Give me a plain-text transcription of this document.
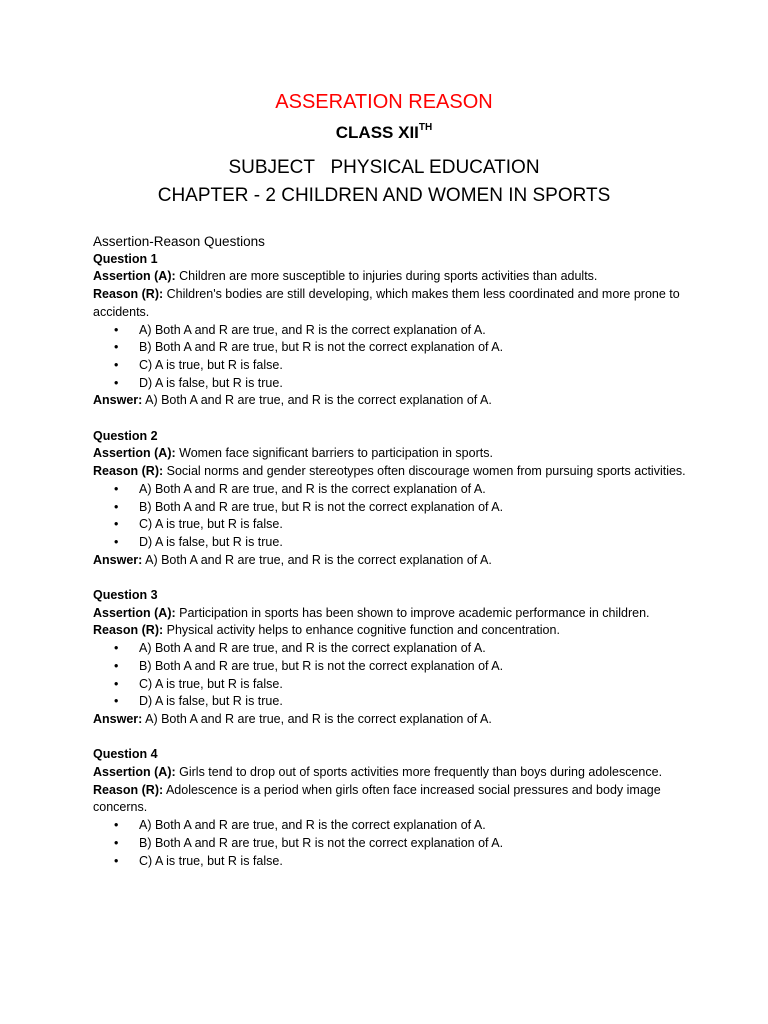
ASSERATION REASON
CLASS XIITH
SUBJECT   PHYSICAL EDUCATION
CHAPTER - 2 CHILDREN AND WOMEN IN SPORTS
Assertion-Reason Questions
Question 1
Assertion (A): Children are more susceptible to injuries during sports activities than adults.
Reason (R): Children's bodies are still developing, which makes them less coordinated and more prone to accidents.
• A) Both A and R are true, and R is the correct explanation of A.
• B) Both A and R are true, but R is not the correct explanation of A.
• C) A is true, but R is false.
• D) A is false, but R is true.
Answer: A) Both A and R are true, and R is the correct explanation of A.
Question 2
Assertion (A): Women face significant barriers to participation in sports.
Reason (R): Social norms and gender stereotypes often discourage women from pursuing sports activities.
• A) Both A and R are true, and R is the correct explanation of A.
• B) Both A and R are true, but R is not the correct explanation of A.
• C) A is true, but R is false.
• D) A is false, but R is true.
Answer: A) Both A and R are true, and R is the correct explanation of A.
Question 3
Assertion (A): Participation in sports has been shown to improve academic performance in children.
Reason (R): Physical activity helps to enhance cognitive function and concentration.
• A) Both A and R are true, and R is the correct explanation of A.
• B) Both A and R are true, but R is not the correct explanation of A.
• C) A is true, but R is false.
• D) A is false, but R is true.
Answer: A) Both A and R are true, and R is the correct explanation of A.
Question 4
Assertion (A): Girls tend to drop out of sports activities more frequently than boys during adolescence.
Reason (R): Adolescence is a period when girls often face increased social pressures and body image concerns.
• A) Both A and R are true, and R is the correct explanation of A.
• B) Both A and R are true, but R is not the correct explanation of A.
• C) A is true, but R is false.
